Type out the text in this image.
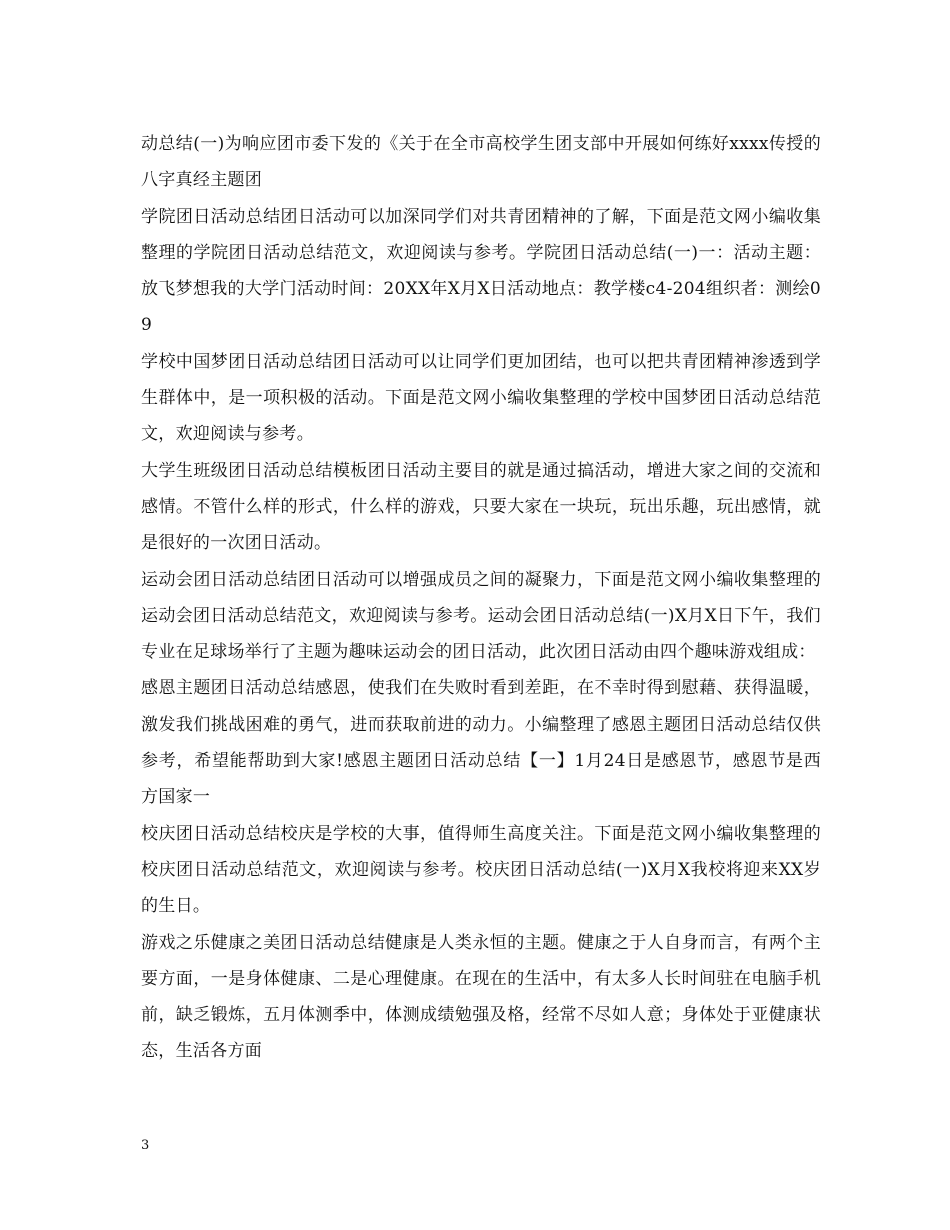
动总结(一)为响应团市委下发的《关于在全市高校学生团支部中开展如何练好xxxx传授的八字真经主题团

学院团日活动总结团日活动可以加深同学们对共青团精神的了解，下面是范文网小编收集整理的学院团日活动总结范文，欢迎阅读与参考。学院团日活动总结(一)一：活动主题：放飞梦想我的大学门活动时间：20XX年X月X日活动地点：教学楼c4-204组织者：测绘09

学校中国梦团日活动总结团日活动可以让同学们更加团结，也可以把共青团精神渗透到学生群体中，是一项积极的活动。下面是范文网小编收集整理的学校中国梦团日活动总结范文，欢迎阅读与参考。

大学生班级团日活动总结模板团日活动主要目的就是通过搞活动，增进大家之间的交流和感情。不管什么样的形式，什么样的游戏，只要大家在一块玩，玩出乐趣，玩出感情，就是很好的一次团日活动。

运动会团日活动总结团日活动可以增强成员之间的凝聚力，下面是范文网小编收集整理的运动会团日活动总结范文，欢迎阅读与参考。运动会团日活动总结(一)X月X日下午，我们专业在足球场举行了主题为趣味运动会的团日活动，此次团日活动由四个趣味游戏组成：

感恩主题团日活动总结感恩，使我们在失败时看到差距，在不幸时得到慰藉、获得温暖，激发我们挑战困难的勇气，进而获取前进的动力。小编整理了感恩主题团日活动总结仅供参考，希望能帮助到大家!感恩主题团日活动总结【一】1月24日是感恩节，感恩节是西方国家一

校庆团日活动总结校庆是学校的大事，值得师生高度关注。下面是范文网小编收集整理的校庆团日活动总结范文，欢迎阅读与参考。校庆团日活动总结(一)X月X我校将迎来XX岁的生日。

游戏之乐健康之美团日活动总结健康是人类永恒的主题。健康之于人自身而言，有两个主要方面，一是身体健康、二是心理健康。在现在的生活中，有太多人长时间驻在电脑手机前，缺乏锻炼，五月体测季中，体测成绩勉强及格，经常不尽如人意；身体处于亚健康状态，生活各方面

3
